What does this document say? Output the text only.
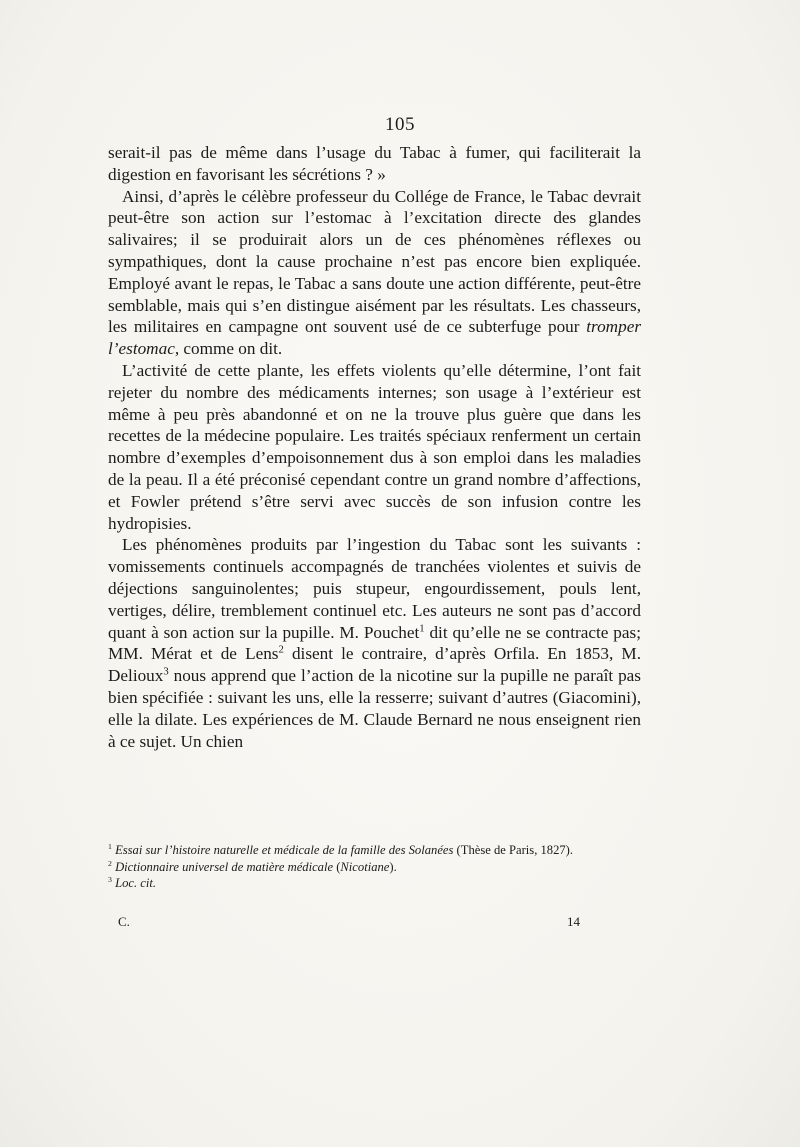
105

serait-il pas de même dans l’usage du Tabac à fumer, qui faciliterait la digestion en favorisant les sécrétions ? »

Ainsi, d’après le célèbre professeur du Collége de France, le Tabac devrait peut-être son action sur l’estomac à l’excitation directe des glandes salivaires; il se produirait alors un de ces phénomènes réflexes ou sympathiques, dont la cause prochaine n’est pas encore bien expliquée. Employé avant le repas, le Tabac a sans doute une action différente, peut-être semblable, mais qui s’en distingue aisément par les résultats. Les chasseurs, les militaires en campagne ont souvent usé de ce subterfuge pour tromper l’estomac, comme on dit.

L’activité de cette plante, les effets violents qu’elle détermine, l’ont fait rejeter du nombre des médicaments internes; son usage à l’extérieur est même à peu près abandonné et on ne la trouve plus guère que dans les recettes de la médecine populaire. Les traités spéciaux renferment un certain nombre d’exemples d’empoisonnement dus à son emploi dans les maladies de la peau. Il a été préconisé cependant contre un grand nombre d’affections, et Fowler prétend s’être servi avec succès de son infusion contre les hydropisies.

Les phénomènes produits par l’ingestion du Tabac sont les suivants : vomissements continuels accompagnés de tranchées violentes et suivis de déjections sanguinolentes; puis stupeur, engourdissement, pouls lent, vertiges, délire, tremblement continuel etc. Les auteurs ne sont pas d’accord quant à son action sur la pupille. M. Pouchet$^1$ dit qu’elle ne se contracte pas; MM. Mérat et de Lens$^2$ disent le contraire, d’après Orfila. En 1853, M. Delioux$^3$ nous apprend que l’action de la nicotine sur la pupille ne paraît pas bien spécifiée : suivant les uns, elle la resserre; suivant d’autres (Giacomini), elle la dilate. Les expériences de M. Claude Bernard ne nous enseignent rien à ce sujet. Un chien

$^1$ Essai sur l’histoire naturelle et médicale de la famille des Solanées (Thèse de Paris, 1827).

$^2$ Dictionnaire universel de matière médicale (Nicotiane).

$^3$ Loc. cit.

C.	14
